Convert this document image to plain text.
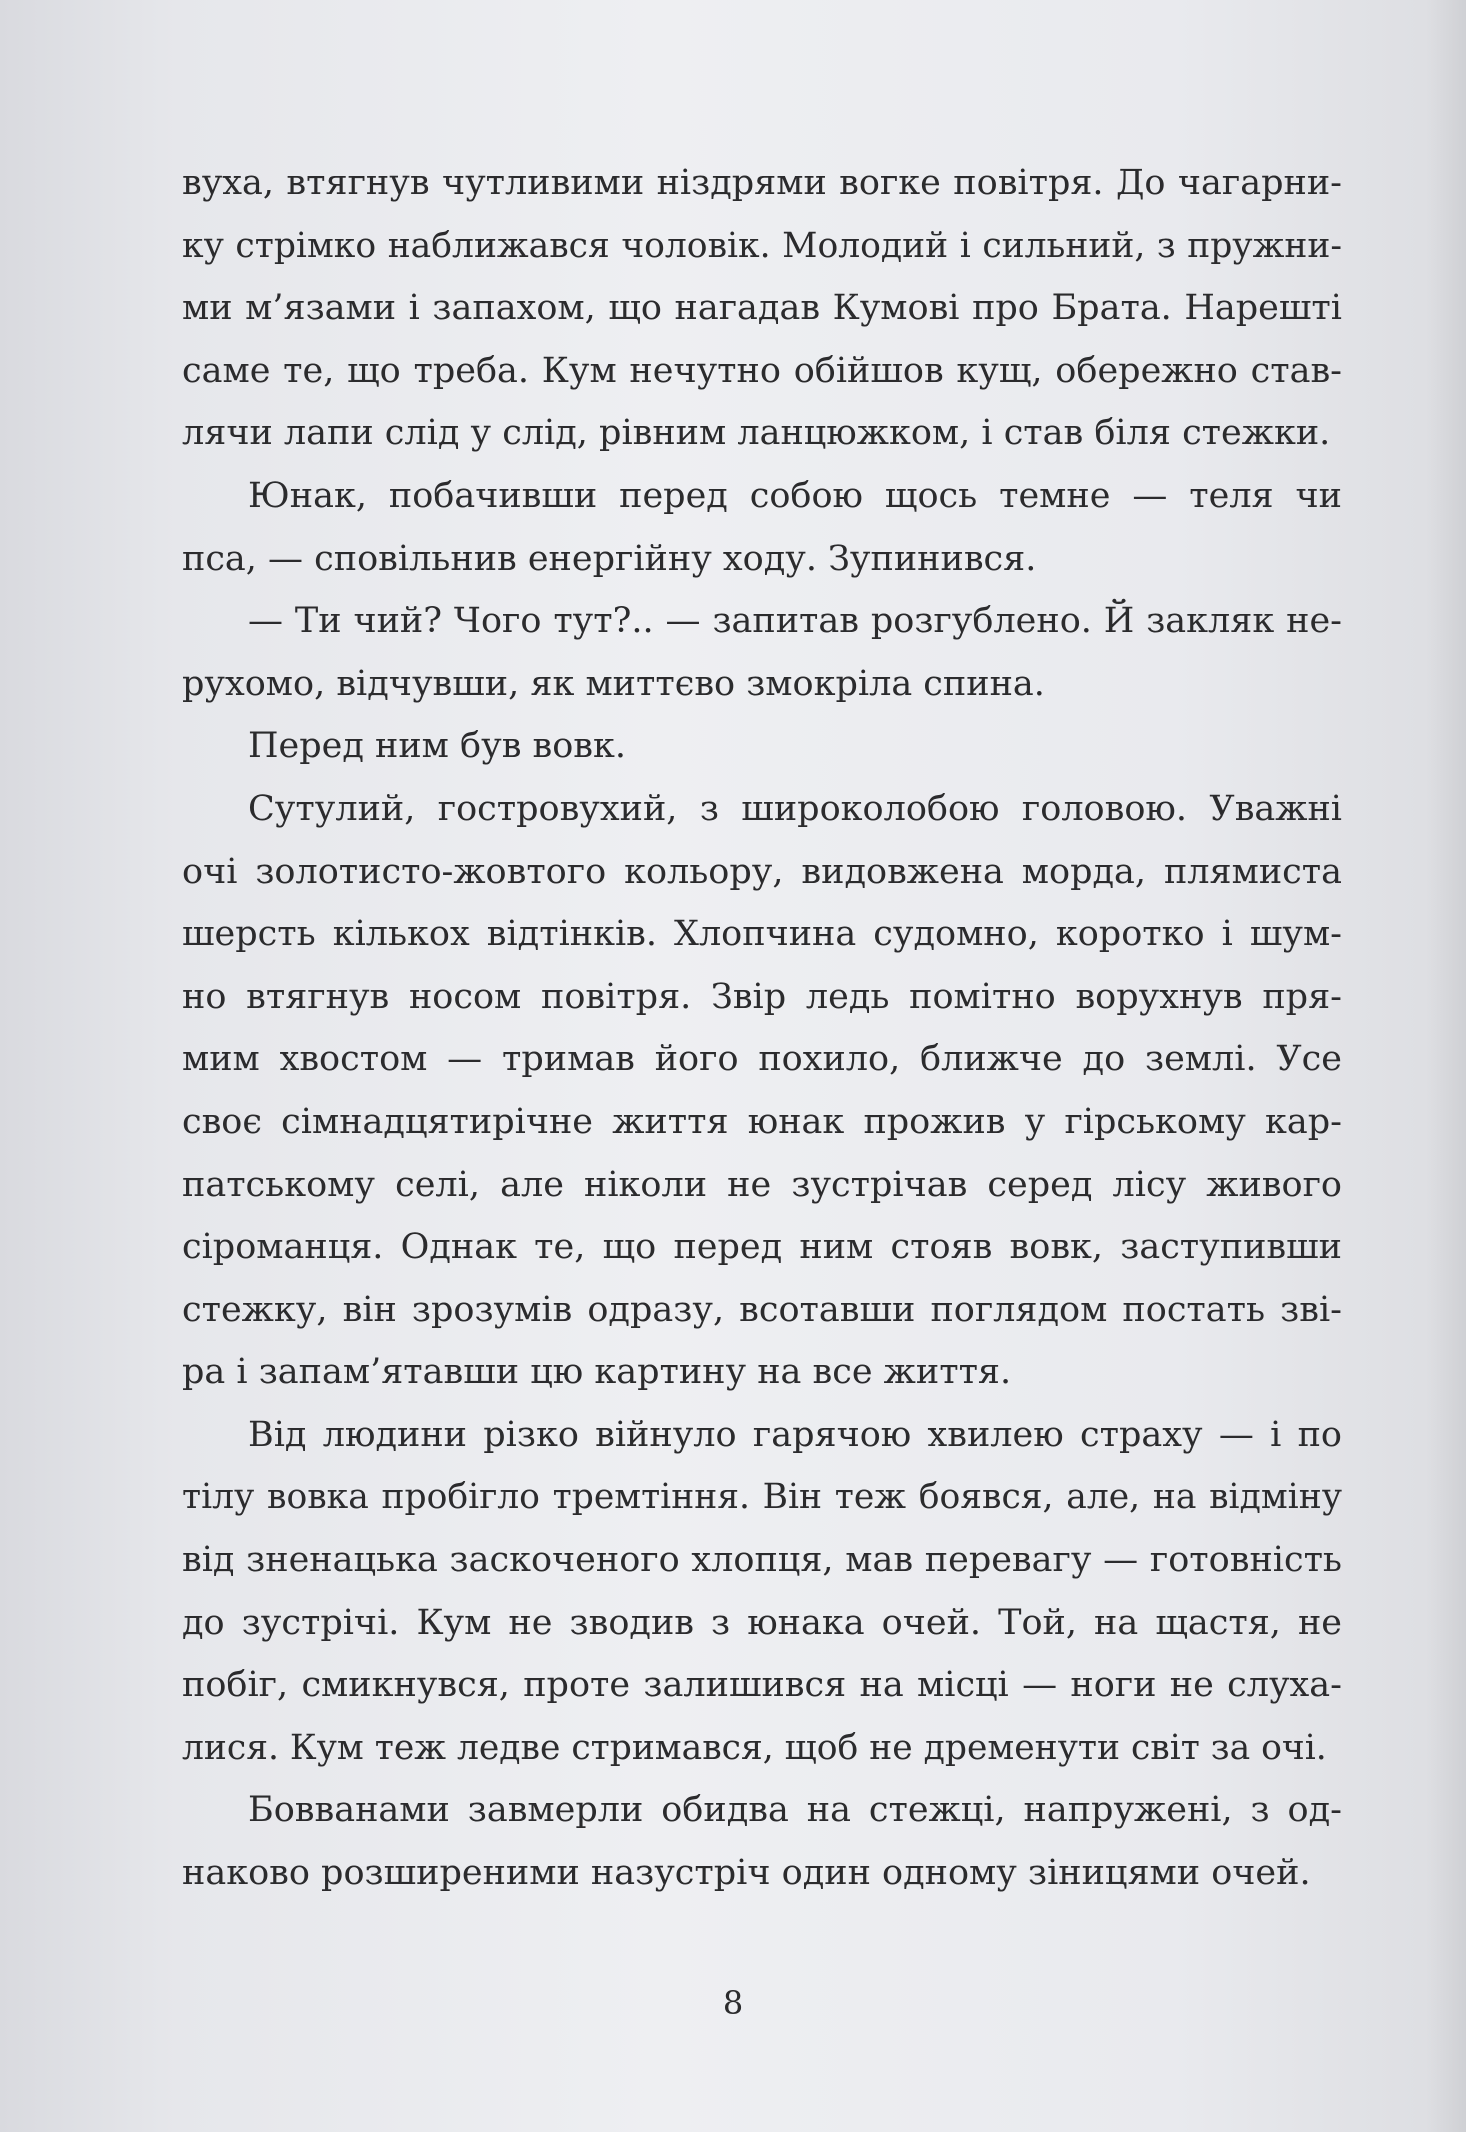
вуха, втягнув чутливими ніздрями вогке повітря. До чагарни-
ку стрімко наближався чоловік. Молодий і сильний, з пружни-
ми м’язами і запахом, що нагадав Кумові про Брата. Нарешті
саме те, що треба. Кум нечутно обійшов кущ, обережно став-
лячи лапи слід у слід, рівним ланцюжком, і став біля стежки.
Юнак, побачивши перед собою щось темне — теля чи
пса, — сповільнив енергійну ходу. Зупинився.
— Ти чий? Чого тут?.. — запитав розгублено. Й закляк не-
рухомо, відчувши, як миттєво змокріла спина.
Перед ним був вовк.
Сутулий, гостровухий, з широколобою головою. Уважні
очі золотисто-жовтого кольору, видовжена морда, плямиста
шерсть кількох відтінків. Хлопчина судомно, коротко і шум-
но втягнув носом повітря. Звір ледь помітно ворухнув пря-
мим хвостом — тримав його похило, ближче до землі. Усе
своє сімнадцятирічне життя юнак прожив у гірському кар-
патському селі, але ніколи не зустрічав серед лісу живого
сіроманця. Однак те, що перед ним стояв вовк, заступивши
стежку, він зрозумів одразу, всотавши поглядом постать зві-
ра і запам’ятавши цю картину на все життя.
Від людини різко війнуло гарячою хвилею страху — і по
тілу вовка пробігло тремтіння. Він теж боявся, але, на відміну
від зненацька заскоченого хлопця, мав перевагу — готовність
до зустрічі. Кум не зводив з юнака очей. Той, на щастя, не
побіг, смикнувся, проте залишився на місці — ноги не слуха-
лися. Кум теж ледве стримався, щоб не дременути світ за очі.
Бовванами завмерли обидва на стежці, напружені, з од-
наково розширеними назустріч один одному зіницями очей.
8
